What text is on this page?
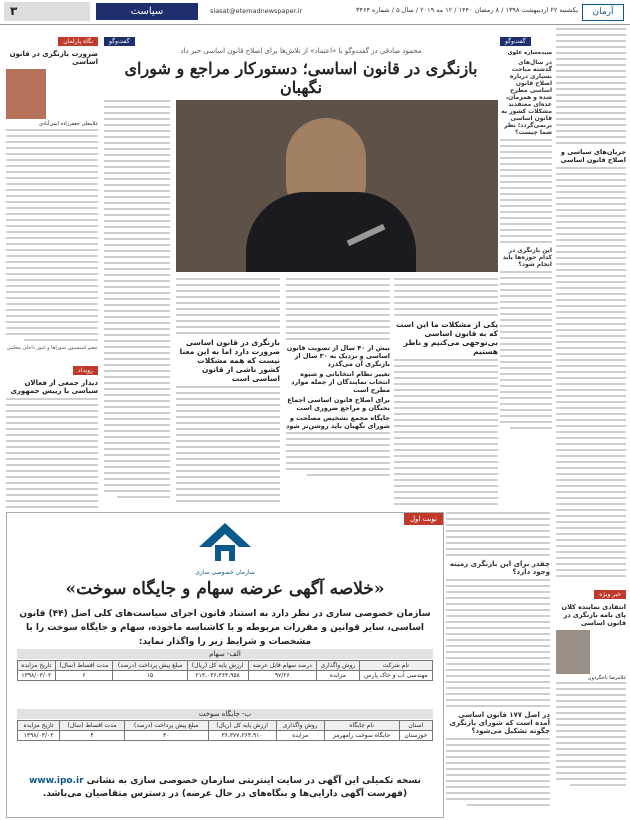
آرمان
یکشنبه ۲۲ اردیبهشت ۱۳۹۸ / ۸ رمضان ۱۴۴۰ / ۱۲ مه ۲۰۱۹ / سال ۵ / شماره ۳۴۶۴
siasat@etemadnewspaper.ir
سیاست
۳
نگاه پارلمان
ضرورت بازنگری در قانون اساسی
غلامعلی جعفرزاده ایمن‌آبادی
عضو کمیسیون شوراها و امور داخلی مجلس
رویداد
دیدار جمعی از فعالان سیاسی با رییس جمهوری
گفت‌وگو
محمود صادقی در گفت‌وگو با «اعتماد» از تلاش‌ها برای اصلاح قانون اساسی خبر داد
بازنگری در قانون اساسی؛ دستورکار مراجع و شورای نگهبان
بازنگری در قانون اساسی ضرورت دارد اما به این معنا نیست که همه مشکلات کشور ناشی از قانون اساسی است
بیش از ۴۰ سال از تصویب قانون اساسی و نزدیک به ۳۰ سال از بازنگری آن می‌گذرد
تغییر نظام انتخاباتی و شیوه انتخاب نمایندگان از جمله موارد مطرح است
برای اصلاح قانون اساسی اجماع نخبگان و مراجع ضروری است
جایگاه مجمع تشخیص مصلحت و شورای نگهبان باید روشن‌تر شود
یکی از مشکلات ما این است که به قانون اساسی بی‌توجهی می‌کنیم و ناظر هستیم
چقدر برای این بازنگری زمینه وجود دارد؟
در اصل ۱۷۷ قانون اساسی آمده است که شورای بازنگری چگونه تشکیل می‌شود؟
گفت‌وگو
سیده‌ساره علوی
در سال‌های گذشته مباحث بسیاری درباره اصلاح قانون اساسی مطرح شده و همزمان، عده‌ای معتقدند مشکلات کشور به قانون اساسی برنمی‌گردد؛ نظر شما چیست؟
این بازنگری در کدام حوزه‌ها باید انجام شود؟
جریان‌های سیاسی و اصلاح قانون اساسی
خبر ویژه
انتقادی نماینده کلان پای نامه بازنگری در قانون اساسی
غلامرضا تاجگردون
نوبت اول
سازمان خصوصی سازی
«خلاصه آگهی عرضه سهام و جایگاه سوخت»
سازمان خصوصی سازی در نظر دارد به استناد قانون اجرای سیاست‌های کلی اصل (۴۴) قانون اساسی، سایر قوانین و مقررات مربوطه و با کاشناسه ماخوذه، سهام و جایگاه سوخت را با مشخصات و شرایط زیر را واگذار نماید:
الف- سهام
نام شرکت	روش واگذاری	درصد سهام قابل عرضه	ارزش پایه کل (ریال)	مبلغ پیش پرداخت (درصد)	مدت اقساط (سال)	تاریخ مزایده
مهندسی آب و خاک پارس	مزایده	۹۷/۲۶	۲۱۳،۰۳۶،۳۶۳،۹۵۸	۱۵	۶	۱۳۹۸/۰۳/۰۲
ب- جایگاه سوخت
استان	نام جایگاه	روش واگذاری	ارزش پایه کل (ریال)	مبلغ پیش پرداخت (درصد)	مدت اقساط (سال)	تاریخ مزایده
خوزستان	جایگاه سوخت رامهرمز	مزایده	۳۶،۳۷۷،۲۶۴،۹۱۰	۳۰	۴	۱۳۹۸/۰۳/۰۲
نسخه تکمیلی این آگهی در سایت اینترنتی سازمان خصوصی سازی به نشانی www.ipo.ir (فهرست آگهی دارایی‌ها و بنگاه‌های در حال عرضه) در دسترس متقاضیان می‌باشد.
